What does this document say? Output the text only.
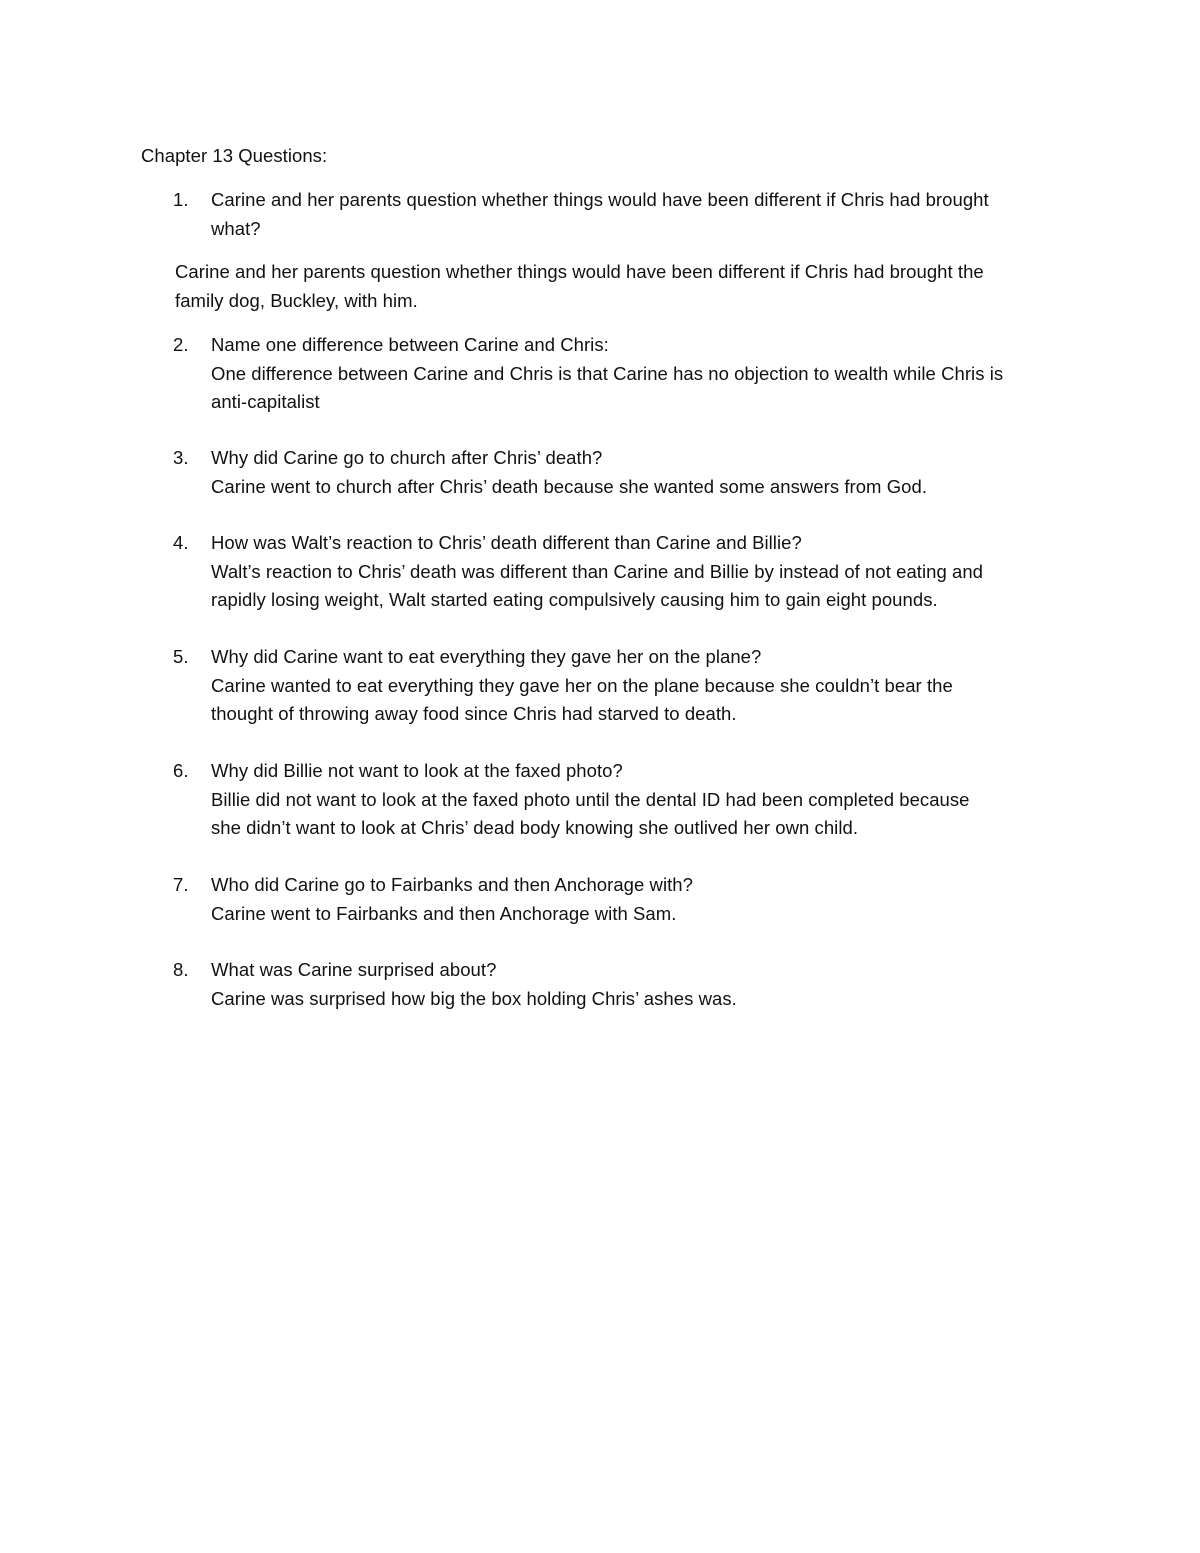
Chapter 13 Questions:
1. Carine and her parents question whether things would have been different if Chris had brought
what?
Carine and her parents question whether things would have been different if Chris had brought the
family dog, Buckley, with him.
2. Name one difference between Carine and Chris:
One difference between Carine and Chris is that Carine has no objection to wealth while Chris is
anti-capitalist
3. Why did Carine go to church after Chris’ death?
Carine went to church after Chris’ death because she wanted some answers from God.
4. How was Walt’s reaction to Chris’ death different than Carine and Billie?
Walt’s reaction to Chris’ death was different than Carine and Billie by instead of not eating and
rapidly losing weight, Walt started eating compulsively causing him to gain eight pounds.
5. Why did Carine want to eat everything they gave her on the plane?
Carine wanted to eat everything they gave her on the plane because she couldn’t bear the
thought of throwing away food since Chris had starved to death.
6. Why did Billie not want to look at the faxed photo?
Billie did not want to look at the faxed photo until the dental ID had been completed because
she didn’t want to look at Chris’ dead body knowing she outlived her own child.
7. Who did Carine go to Fairbanks and then Anchorage with?
Carine went to Fairbanks and then Anchorage with Sam.
8. What was Carine surprised about?
Carine was surprised how big the box holding Chris’ ashes was.
